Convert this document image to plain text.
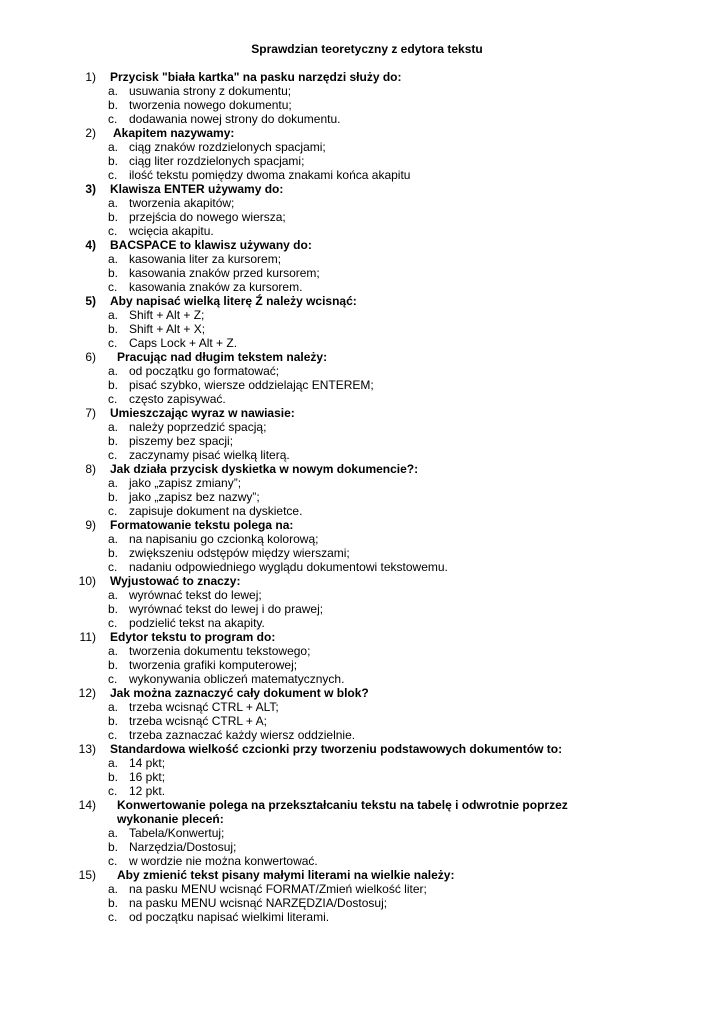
Sprawdzian teoretyczny z edytora tekstu
1) Przycisk "biała kartka" na pasku narzędzi służy do:
a. usuwania strony z dokumentu;
b. tworzenia nowego dokumentu;
c. dodawania nowej strony do dokumentu.
2) Akapitem nazywamy:
a. ciąg znaków rozdzielonych spacjami;
b. ciąg liter rozdzielonych spacjami;
c. ilość tekstu pomiędzy dwoma znakami końca akapitu
3) Klawisza ENTER używamy do:
a. tworzenia akapitów;
b. przejścia do nowego wiersza;
c. wcięcia akapitu.
4) BACSPACE to klawisz używany do:
a. kasowania liter za kursorem;
b. kasowania znaków przed kursorem;
c. kasowania znaków za kursorem.
5) Aby napisać wielką literę Ź należy wcisnąć:
a. Shift + Alt + Z;
b. Shift + Alt + X;
c. Caps Lock + Alt + Z.
6)	Pracując nad długim tekstem należy:
a. od początku go formatować;
b. pisać szybko, wiersze oddzielając ENTEREM;
c. często zapisywać.
7) Umieszczając wyraz w nawiasie:
a. należy poprzedzić spacją;
b. piszemy bez spacji;
c. zaczynamy pisać wielką literą.
8) Jak działa przycisk dyskietka w nowym dokumencie?:
a. jako „zapisz zmiany”;
b. jako „zapisz bez nazwy”;
c. zapisuje dokument na dyskietce.
9) Formatowanie tekstu polega na:
a. na napisaniu go czcionką kolorową;
b. zwiększeniu odstępów między wierszami;
c. nadaniu odpowiedniego wyglądu dokumentowi tekstowemu.
10) Wyjustować to znaczy:
a. wyrównać tekst do lewej;
b. wyrównać tekst do lewej i do prawej;
c. podzielić tekst na akapity.
11) Edytor tekstu to program do:
a. tworzenia dokumentu tekstowego;
b. tworzenia grafiki komputerowej;
c. wykonywania obliczeń matematycznych.
12) Jak można zaznaczyć cały dokument w blok?
a. trzeba wcisnąć CTRL + ALT;
b. trzeba wcisnąć CTRL + A;
c. trzeba zaznaczać każdy wiersz oddzielnie.
13) Standardowa wielkość czcionki przy tworzeniu podstawowych dokumentów to:
a. 14 pkt;
b. 16 pkt;
c. 12 pkt.
14)	Konwertowanie polega na przekształcaniu tekstu na tabelę i odwrotnie poprzez wykonanie pleceń:
a. Tabela/Konwertuj;
b. Narzędzia/Dostosuj;
c. w wordzie nie można konwertować.
15)	Aby zmienić tekst pisany małymi literami na wielkie należy:
a. na pasku MENU wcisnąć FORMAT/Zmień wielkość liter;
b. na pasku MENU wcisnąć NARZĘDZIA/Dostosuj;
c. od początku napisać wielkimi literami.
